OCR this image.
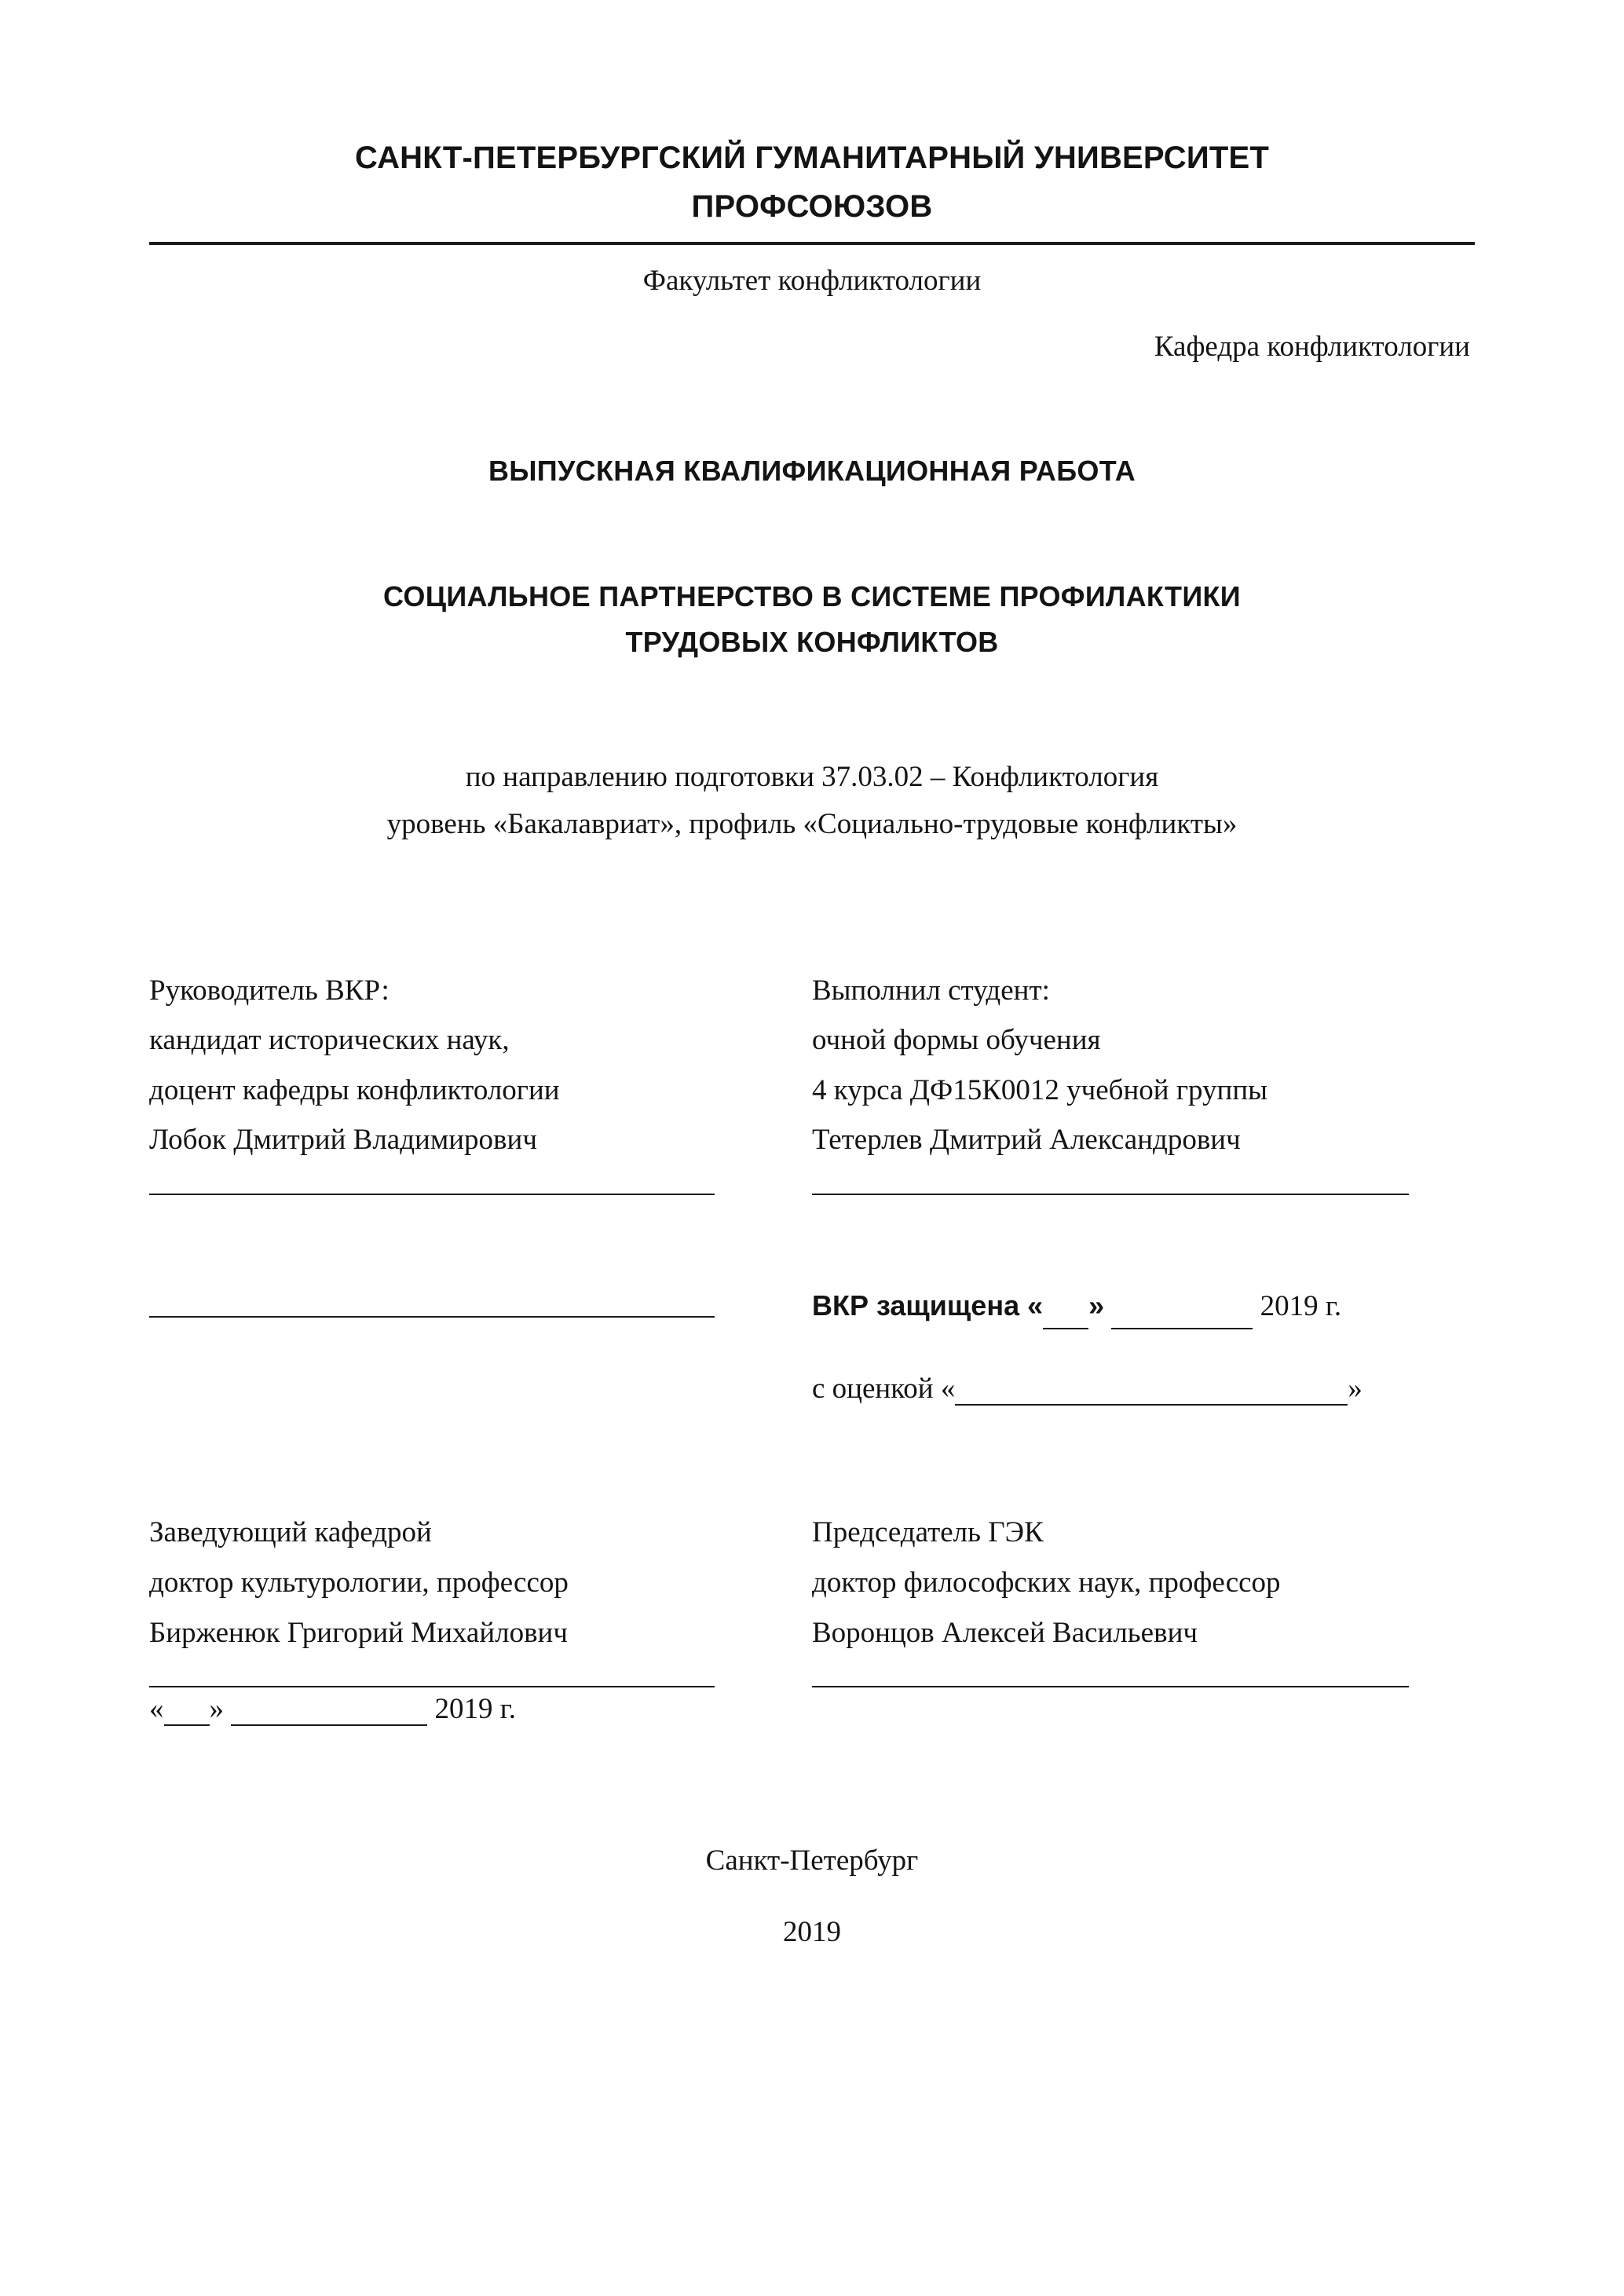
САНКТ-ПЕТЕРБУРГСКИЙ ГУМАНИТАРНЫЙ УНИВЕРСИТЕТ
ПРОФСОЮЗОВ
Факультет конфликтологии
Кафедра конфликтологии
ВЫПУСКНАЯ КВАЛИФИКАЦИОННАЯ РАБОТА
СОЦИАЛЬНОЕ ПАРТНЕРСТВО В СИСТЕМЕ ПРОФИЛАКТИКИ
ТРУДОВЫХ КОНФЛИКТОВ
по направлению подготовки 37.03.02 – Конфликтология
уровень «Бакалавриат», профиль «Социально-трудовые конфликты»
Руководитель ВКР:
кандидат исторических наук,
доцент кафедры конфликтологии
Лобок Дмитрий Владимирович
Выполнил студент:
очной формы обучения
4 курса ДФ15К0012 учебной группы
Тетерлев Дмитрий Александрович
ВКР защищена « »	2019 г.
с оценкой «	»
Заведующий кафедрой
доктор культурологии, профессор
Бирженюк Григорий Михайлович
« »	2019 г.
Председатель ГЭК
доктор философских наук, профессор
Воронцов Алексей Васильевич
Санкт-Петербург
2019
